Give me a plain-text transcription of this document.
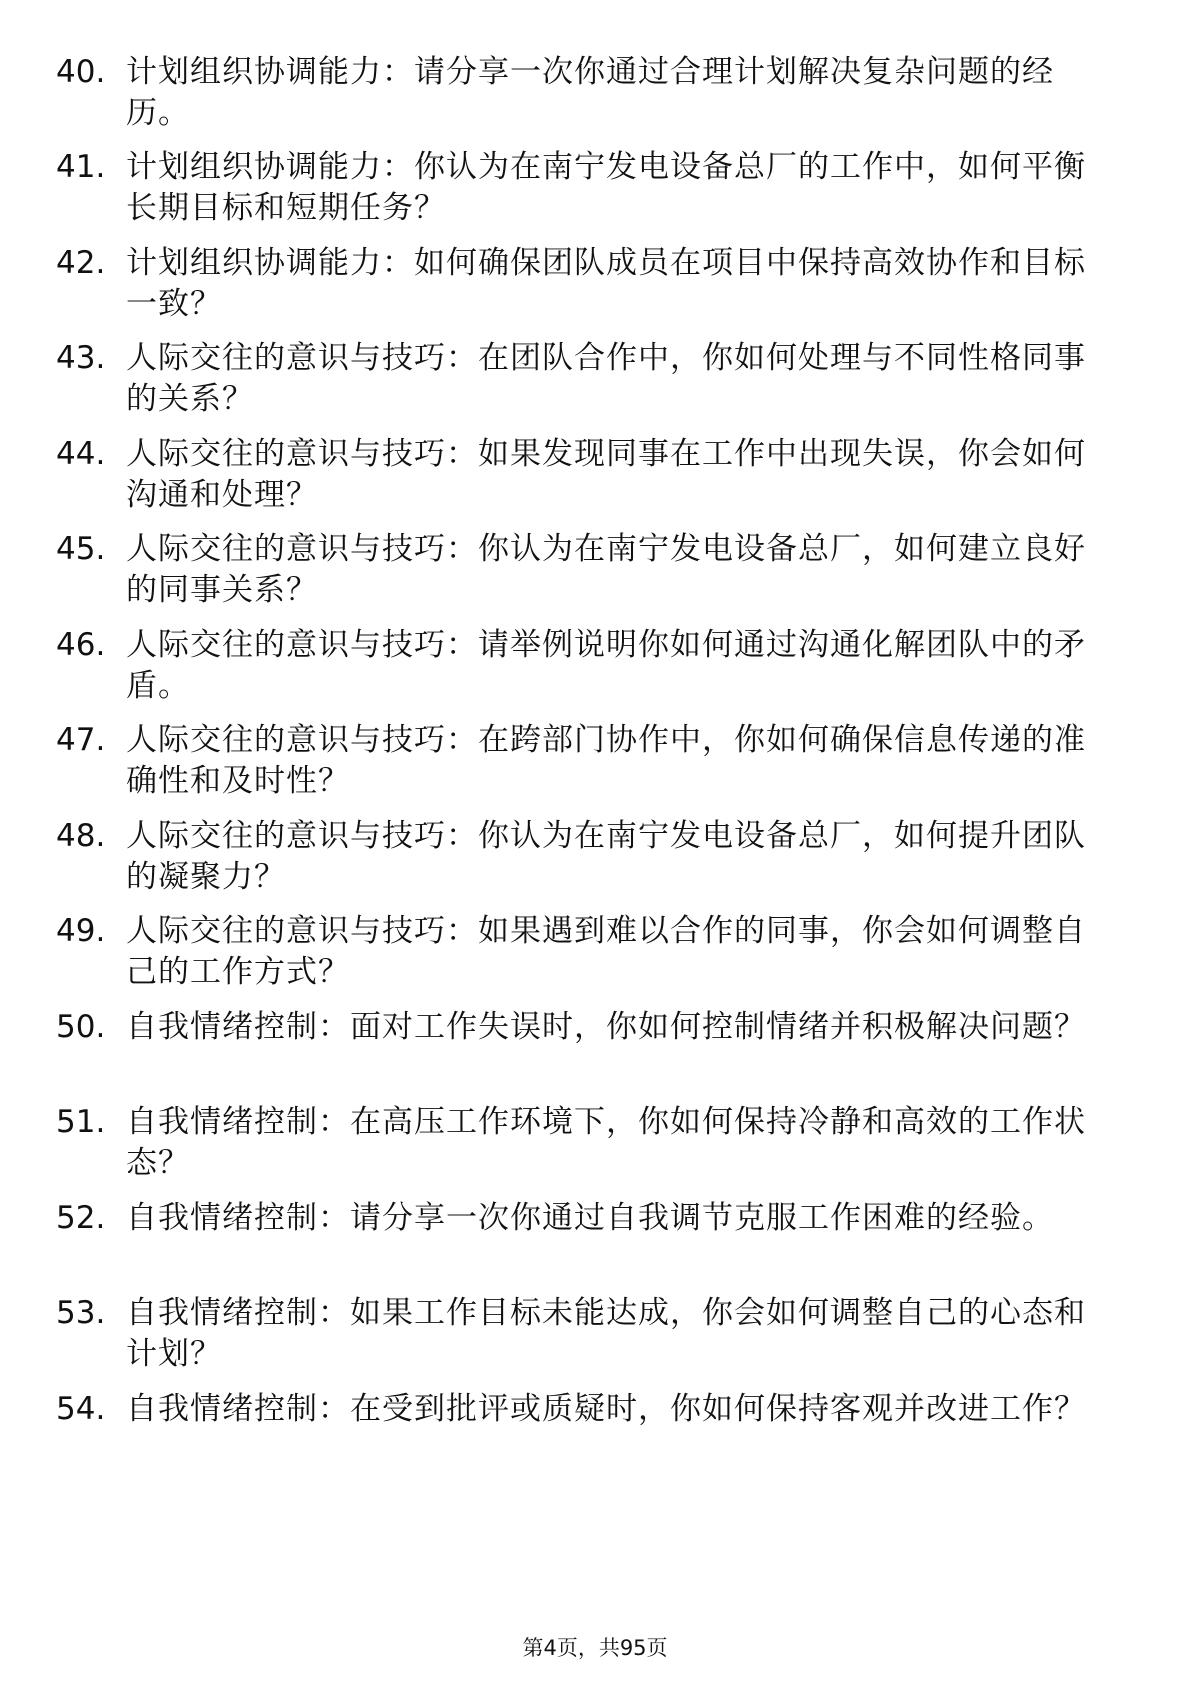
40. 计划组织协调能力：请分享一次你通过合理计划解决复杂问题的经历。
41. 计划组织协调能力：你认为在南宁发电设备总厂的工作中，如何平衡长期目标和短期任务？
42. 计划组织协调能力：如何确保团队成员在项目中保持高效协作和目标一致？
43. 人际交往的意识与技巧：在团队合作中，你如何处理与不同性格同事的关系？
44. 人际交往的意识与技巧：如果发现同事在工作中出现失误，你会如何沟通和处理？
45. 人际交往的意识与技巧：你认为在南宁发电设备总厂，如何建立良好的同事关系？
46. 人际交往的意识与技巧：请举例说明你如何通过沟通化解团队中的矛盾。
47. 人际交往的意识与技巧：在跨部门协作中，你如何确保信息传递的准确性和及时性？
48. 人际交往的意识与技巧：你认为在南宁发电设备总厂，如何提升团队的凝聚力？
49. 人际交往的意识与技巧：如果遇到难以合作的同事，你会如何调整自己的工作方式？
50. 自我情绪控制：面对工作失误时，你如何控制情绪并积极解决问题？
51. 自我情绪控制：在高压工作环境下，你如何保持冷静和高效的工作状态？
52. 自我情绪控制：请分享一次你通过自我调节克服工作困难的经验。
53. 自我情绪控制：如果工作目标未能达成，你会如何调整自己的心态和计划？
54. 自我情绪控制：在受到批评或质疑时，你如何保持客观并改进工作？
第4页，共95页
